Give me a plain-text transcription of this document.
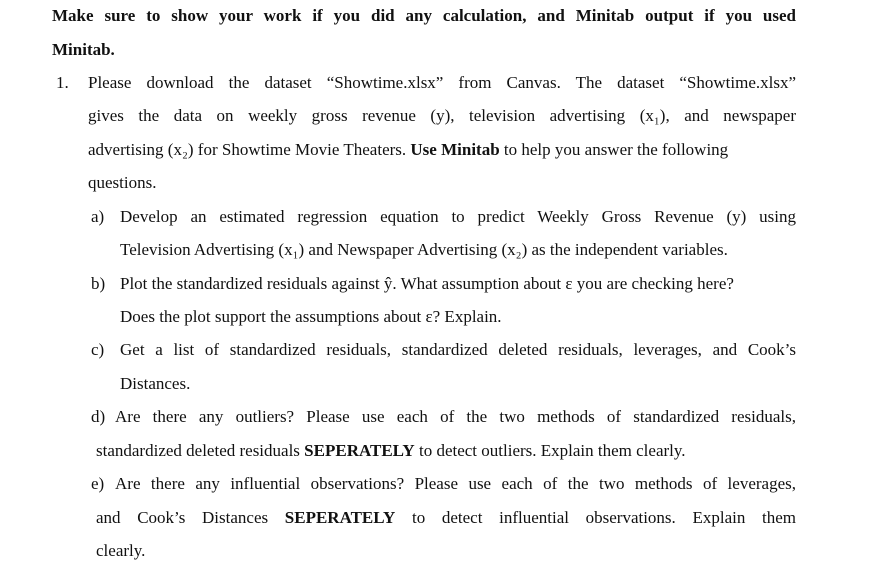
Make sure to show your work if you did any calculation, and Minitab output if you used
Minitab.
1. Please download the dataset “Showtime.xlsx” from Canvas. The dataset “Showtime.xlsx”
gives the data on weekly gross revenue (y), television advertising (x₁), and newspaper
advertising (x₂) for Showtime Movie Theaters. Use Minitab to help you answer the following
questions.
a) Develop an estimated regression equation to predict Weekly Gross Revenue (y) using
Television Advertising (x₁) and Newspaper Advertising (x₂) as the independent variables.
b) Plot the standardized residuals against ŷ. What assumption about ε you are checking here?
Does the plot support the assumptions about ε? Explain.
c) Get a list of standardized residuals, standardized deleted residuals, leverages, and Cook’s
Distances.
d) Are there any outliers? Please use each of the two methods of standardized residuals,
standardized deleted residuals SEPERATELY to detect outliers. Explain them clearly.
e) Are there any influential observations? Please use each of the two methods of leverages,
and Cook’s Distances SEPERATELY to detect influential observations. Explain them
clearly.
